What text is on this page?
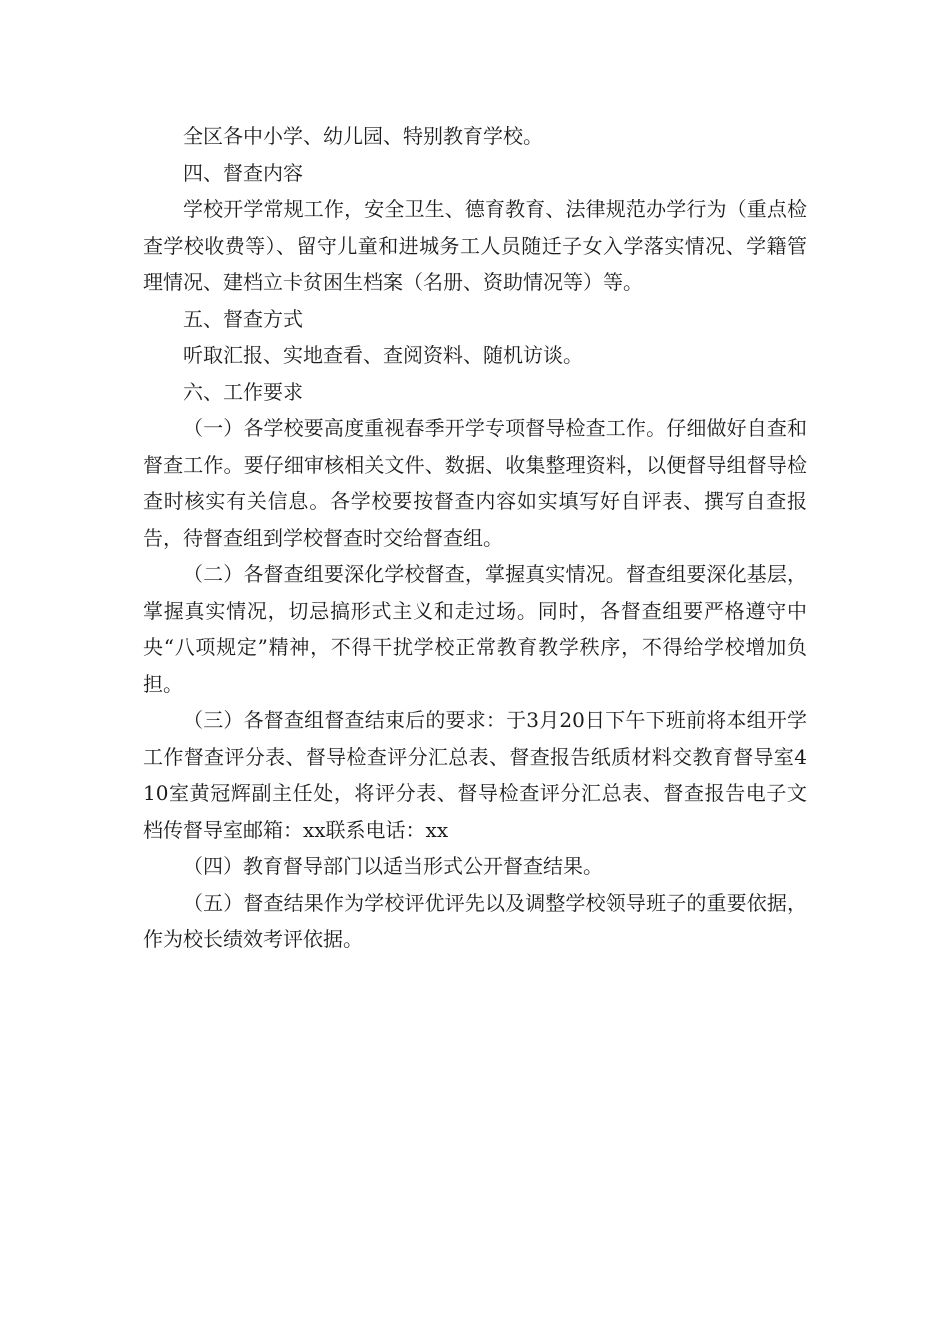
全区各中小学、幼儿园、特别教育学校。

四、督查内容

学校开学常规工作，安全卫生、德育教育、法律规范办学行为（重点检查学校收费等）、留守儿童和进城务工人员随迁子女入学落实情况、学籍管理情况、建档立卡贫困生档案（名册、资助情况等）等。

五、督查方式

听取汇报、实地查看、查阅资料、随机访谈。

六、工作要求

（一）各学校要高度重视春季开学专项督导检查工作。仔细做好自查和督查工作。要仔细审核相关文件、数据、收集整理资料，以便督导组督导检查时核实有关信息。各学校要按督查内容如实填写好自评表、撰写自查报告，待督查组到学校督查时交给督查组。

（二）各督查组要深化学校督查，掌握真实情况。督查组要深化基层，掌握真实情况，切忌搞形式主义和走过场。同时，各督查组要严格遵守中央“八项规定”精神，不得干扰学校正常教育教学秩序，不得给学校增加负担。

（三）各督查组督查结束后的要求：于3月20日下午下班前将本组开学工作督查评分表、督导检查评分汇总表、督查报告纸质材料交教育督导室410室黄冠辉副主任处，将评分表、督导检查评分汇总表、督查报告电子文档传督导室邮箱：xx联系电话：xx

（四）教育督导部门以适当形式公开督查结果。

（五）督查结果作为学校评优评先以及调整学校领导班子的重要依据，作为校长绩效考评依据。
